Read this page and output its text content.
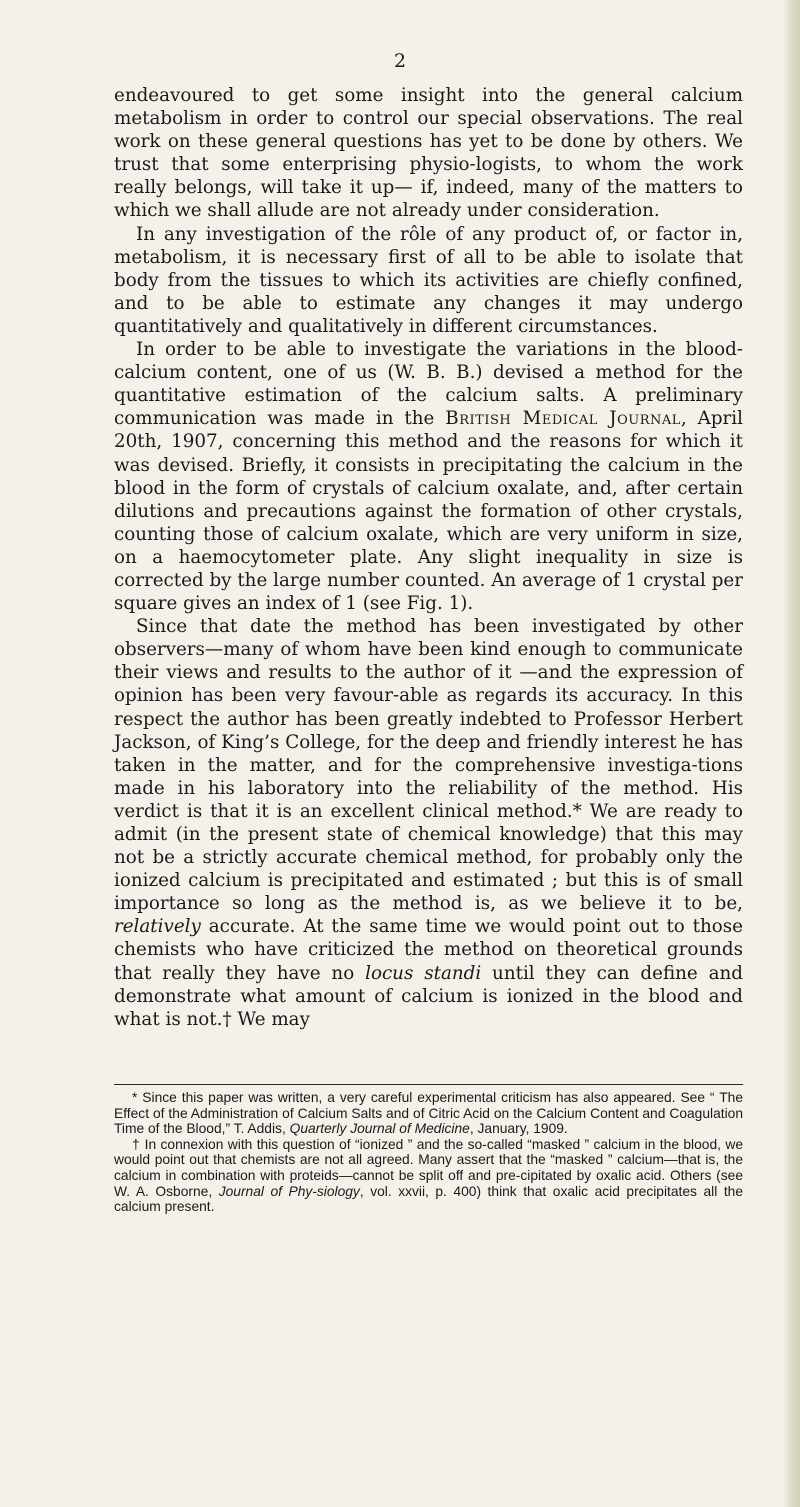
2

endeavoured to get some insight into the general calcium metabolism in order to control our special observations. The real work on these general questions has yet to be done by others. We trust that some enterprising physio-logists, to whom the work really belongs, will take it up— if, indeed, many of the matters to which we shall allude are not already under consideration.

In any investigation of the rôle of any product of, or factor in, metabolism, it is necessary first of all to be able to isolate that body from the tissues to which its activities are chiefly confined, and to be able to estimate any changes it may undergo quantitatively and qualitatively in different circumstances.

In order to be able to investigate the variations in the blood-calcium content, one of us (W. B. B.) devised a method for the quantitative estimation of the calcium salts. A preliminary communication was made in the British Medical Journal, April 20th, 1907, concerning this method and the reasons for which it was devised. Briefly, it consists in precipitating the calcium in the blood in the form of crystals of calcium oxalate, and, after certain dilutions and precautions against the formation of other crystals, counting those of calcium oxalate, which are very uniform in size, on a haemocytometer plate. Any slight inequality in size is corrected by the large number counted. An average of 1 crystal per square gives an index of 1 (see Fig. 1).

Since that date the method has been investigated by other observers—many of whom have been kind enough to communicate their views and results to the author of it —and the expression of opinion has been very favour-able as regards its accuracy. In this respect the author has been greatly indebted to Professor Herbert Jackson, of King’s College, for the deep and friendly interest he has taken in the matter, and for the comprehensive investiga-tions made in his laboratory into the reliability of the method. His verdict is that it is an excellent clinical method.* We are ready to admit (in the present state of chemical knowledge) that this may not be a strictly accurate chemical method, for probably only the ionized calcium is precipitated and estimated ; but this is of small importance so long as the method is, as we believe it to be, relatively accurate. At the same time we would point out to those chemists who have criticized the method on theoretical grounds that really they have no locus standi until they can define and demonstrate what amount of calcium is ionized in the blood and what is not.† We may

* Since this paper was written, a very careful experimental criticism has also appeared. See “ The Effect of the Administration of Calcium Salts and of Citric Acid on the Calcium Content and Coagulation Time of the Blood,” T. Addis, Quarterly Journal of Medicine, January, 1909.

† In connexion with this question of “ionized ” and the so-called “masked ” calcium in the blood, we would point out that chemists are not all agreed. Many assert that the “masked ” calcium—that is, the calcium in combination with proteids—cannot be split off and pre-cipitated by oxalic acid. Others (see W. A. Osborne, Journal of Phy-siology, vol. xxvii, p. 400) think that oxalic acid precipitates all the calcium present.
